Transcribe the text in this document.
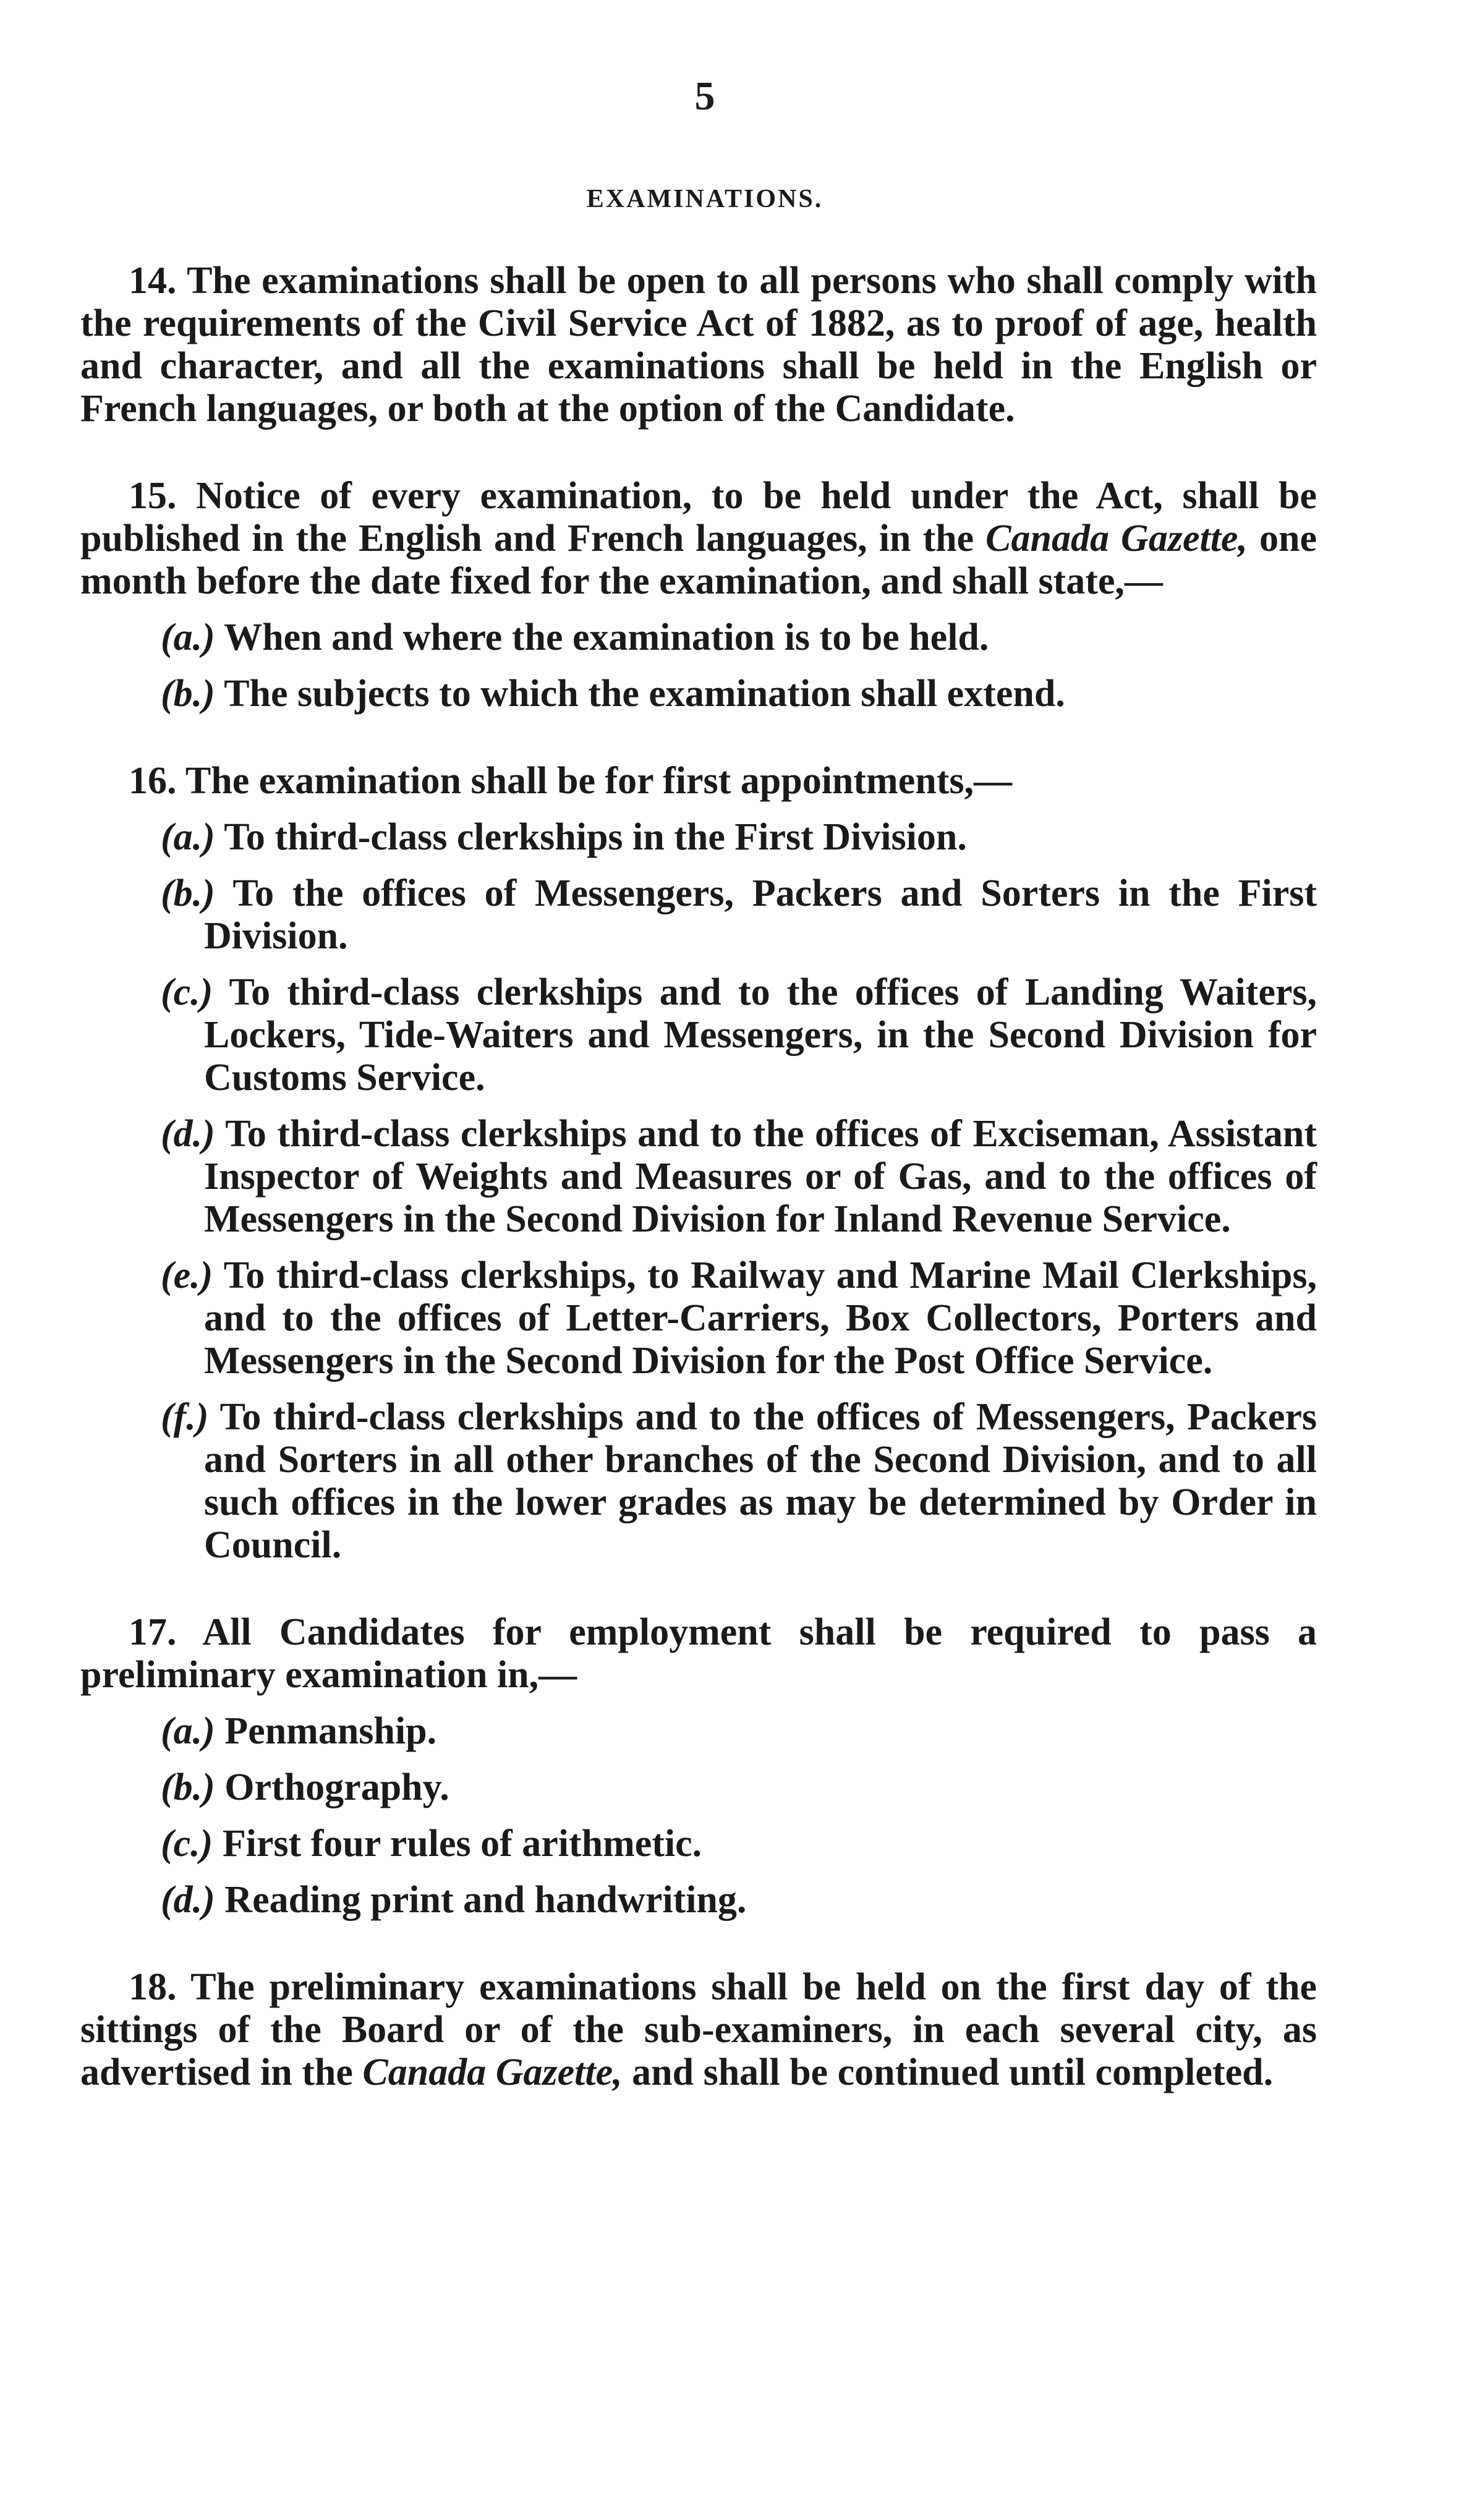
5
EXAMINATIONS.

14. The examinations shall be open to all persons who shall comply with the requirements of the Civil Service Act of 1882, as to proof of age, health and character, and all the examinations shall be held in the English or French languages, or both at the option of the Candidate.

15. Notice of every examination, to be held under the Act, shall be published in the English and French languages, in the Canada Gazette, one month before the date fixed for the examination, and shall state,—

(a.) When and where the examination is to be held.
(b.) The subjects to which the examination shall extend.

16. The examination shall be for first appointments,—

(a.) To third-class clerkships in the First Division.
(b.) To the offices of Messengers, Packers and Sorters in the First Division.
(c.) To third-class clerkships and to the offices of Landing Waiters, Lockers, Tide-Waiters and Messengers, in the Second Division for Customs Service.
(d.) To third-class clerkships and to the offices of Exciseman, Assistant Inspector of Weights and Measures or of Gas, and to the offices of Messengers in the Second Division for Inland Revenue Service.
(e.) To third-class clerkships, to Railway and Marine Mail Clerkships, and to the offices of Letter-Carriers, Box Collectors, Porters and Messengers in the Second Division for the Post Office Service.
(f.) To third-class clerkships and to the offices of Messengers, Packers and Sorters in all other branches of the Second Division, and to all such offices in the lower grades as may be determined by Order in Council.

17. All Candidates for employment shall be required to pass a preliminary examination in,—

(a.) Penmanship.
(b.) Orthography.
(c.) First four rules of arithmetic.
(d.) Reading print and handwriting.

18. The preliminary examinations shall be held on the first day of the sittings of the Board or of the sub-examiners, in each several city, as advertised in the Canada Gazette, and shall be continued until completed.
